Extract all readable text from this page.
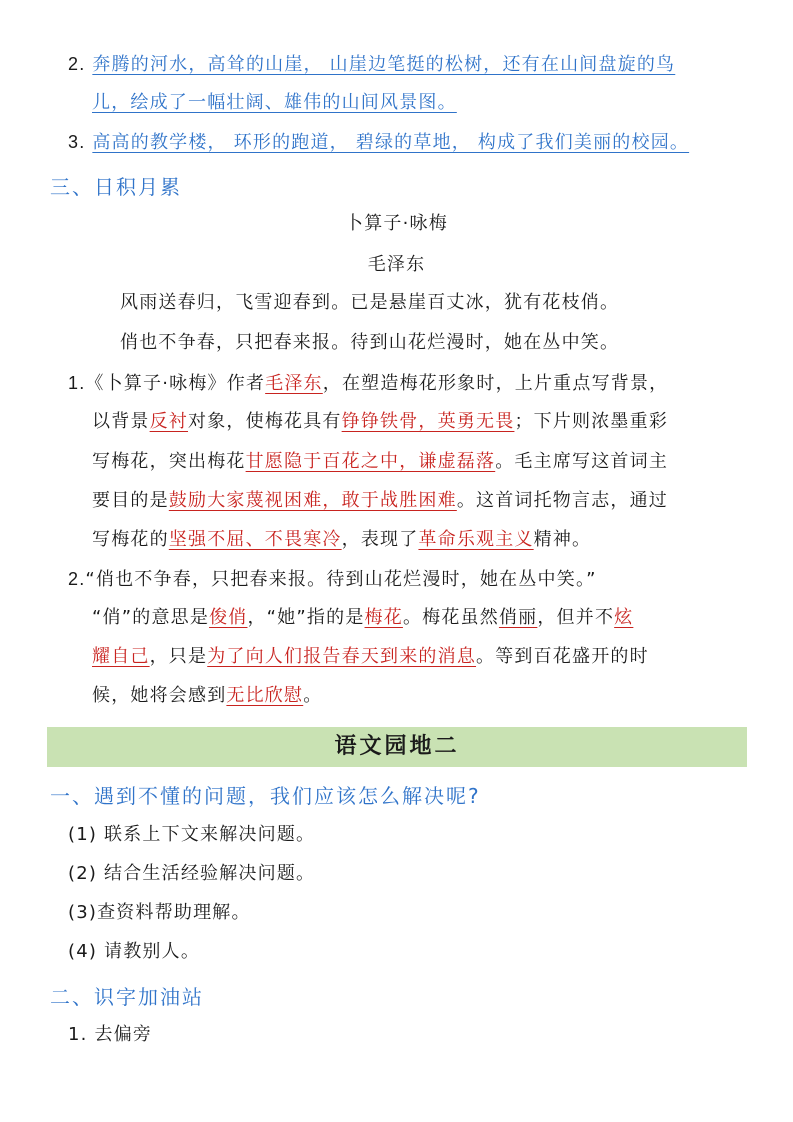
2. 奔腾的河水，高耸的山崖， 山崖边笔挺的松树，还有在山间盘旋的鸟
儿，绘成了一幅壮阔、雄伟的山间风景图。
3. 高高的教学楼， 环形的跑道， 碧绿的草地， 构成了我们美丽的校园。
三、日积月累
卜算子·咏梅
毛泽东
风雨送春归，飞雪迎春到。已是悬崖百丈冰，犹有花枝俏。
俏也不争春，只把春来报。待到山花烂漫时，她在丛中笑。
1.《卜算子·咏梅》作者毛泽东，在塑造梅花形象时，上片重点写背景，
以背景反衬对象，使梅花具有铮铮铁骨，英勇无畏；下片则浓墨重彩
写梅花，突出梅花甘愿隐于百花之中，谦虚磊落。毛主席写这首词主
要目的是鼓励大家蔑视困难，敢于战胜困难。这首词托物言志，通过
写梅花的坚强不屈、不畏寒冷，表现了革命乐观主义精神。
2.“俏也不争春，只把春来报。待到山花烂漫时，她在丛中笑。”
“俏”的意思是俊俏，“她”指的是梅花。梅花虽然俏丽，但并不炫
耀自己，只是为了向人们报告春天到来的消息。等到百花盛开的时
候，她将会感到无比欣慰。
语文园地二
一、遇到不懂的问题，我们应该怎么解决呢?
(1) 联系上下文来解决问题。
(2) 结合生活经验解决问题。
(3)查资料帮助理解。
(4) 请教别人。
二、识字加油站
1. 去偏旁
